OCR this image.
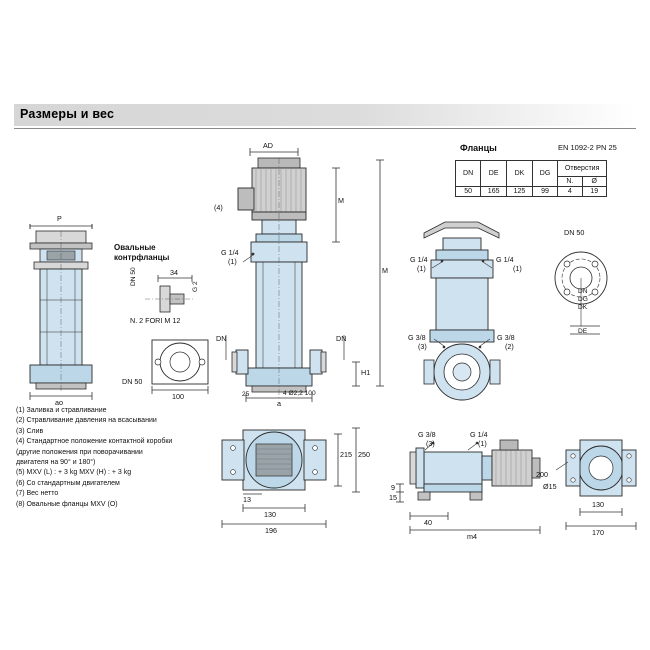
Размеры и вес
Фланцы	EN 1092-2 PN 25
DN	DE	DK	DG	Отверстия	
				N.	Ø
50	165	125	99	4	19
P
ao
Овальные
контрфланцы
34
DN 50
G 2
N. 2 FORI M 12
DN 50
100
AD
M
M
G 1/4
(1)
(4)
DN	DN
H1
a
25	4 Ø2,2 100
G 1/4
(1)
G 1/4
(1)
G 3/8
(3)
G 3/8
(2)
DN 50
DN
DG
DK
DE
215 250
13
130
196
G 3/8
(3)
G 1/4
(1)
9
15
40
m4
200
Ø15
130
170
(1) Заливка и стравливание
(2) Стравливание давления на всасывании
(3) Слив
(4) Стандартное положение контактной коробки
(другие положения при поворачивании
двигателя на 90° и 180°)
(5) MXV (L) : + 3 kg MXV (H) : + 3 kg
(6) Со стандартным двигателем
(7) Вес нетто
(8) Овальные фланцы MXV (O)
